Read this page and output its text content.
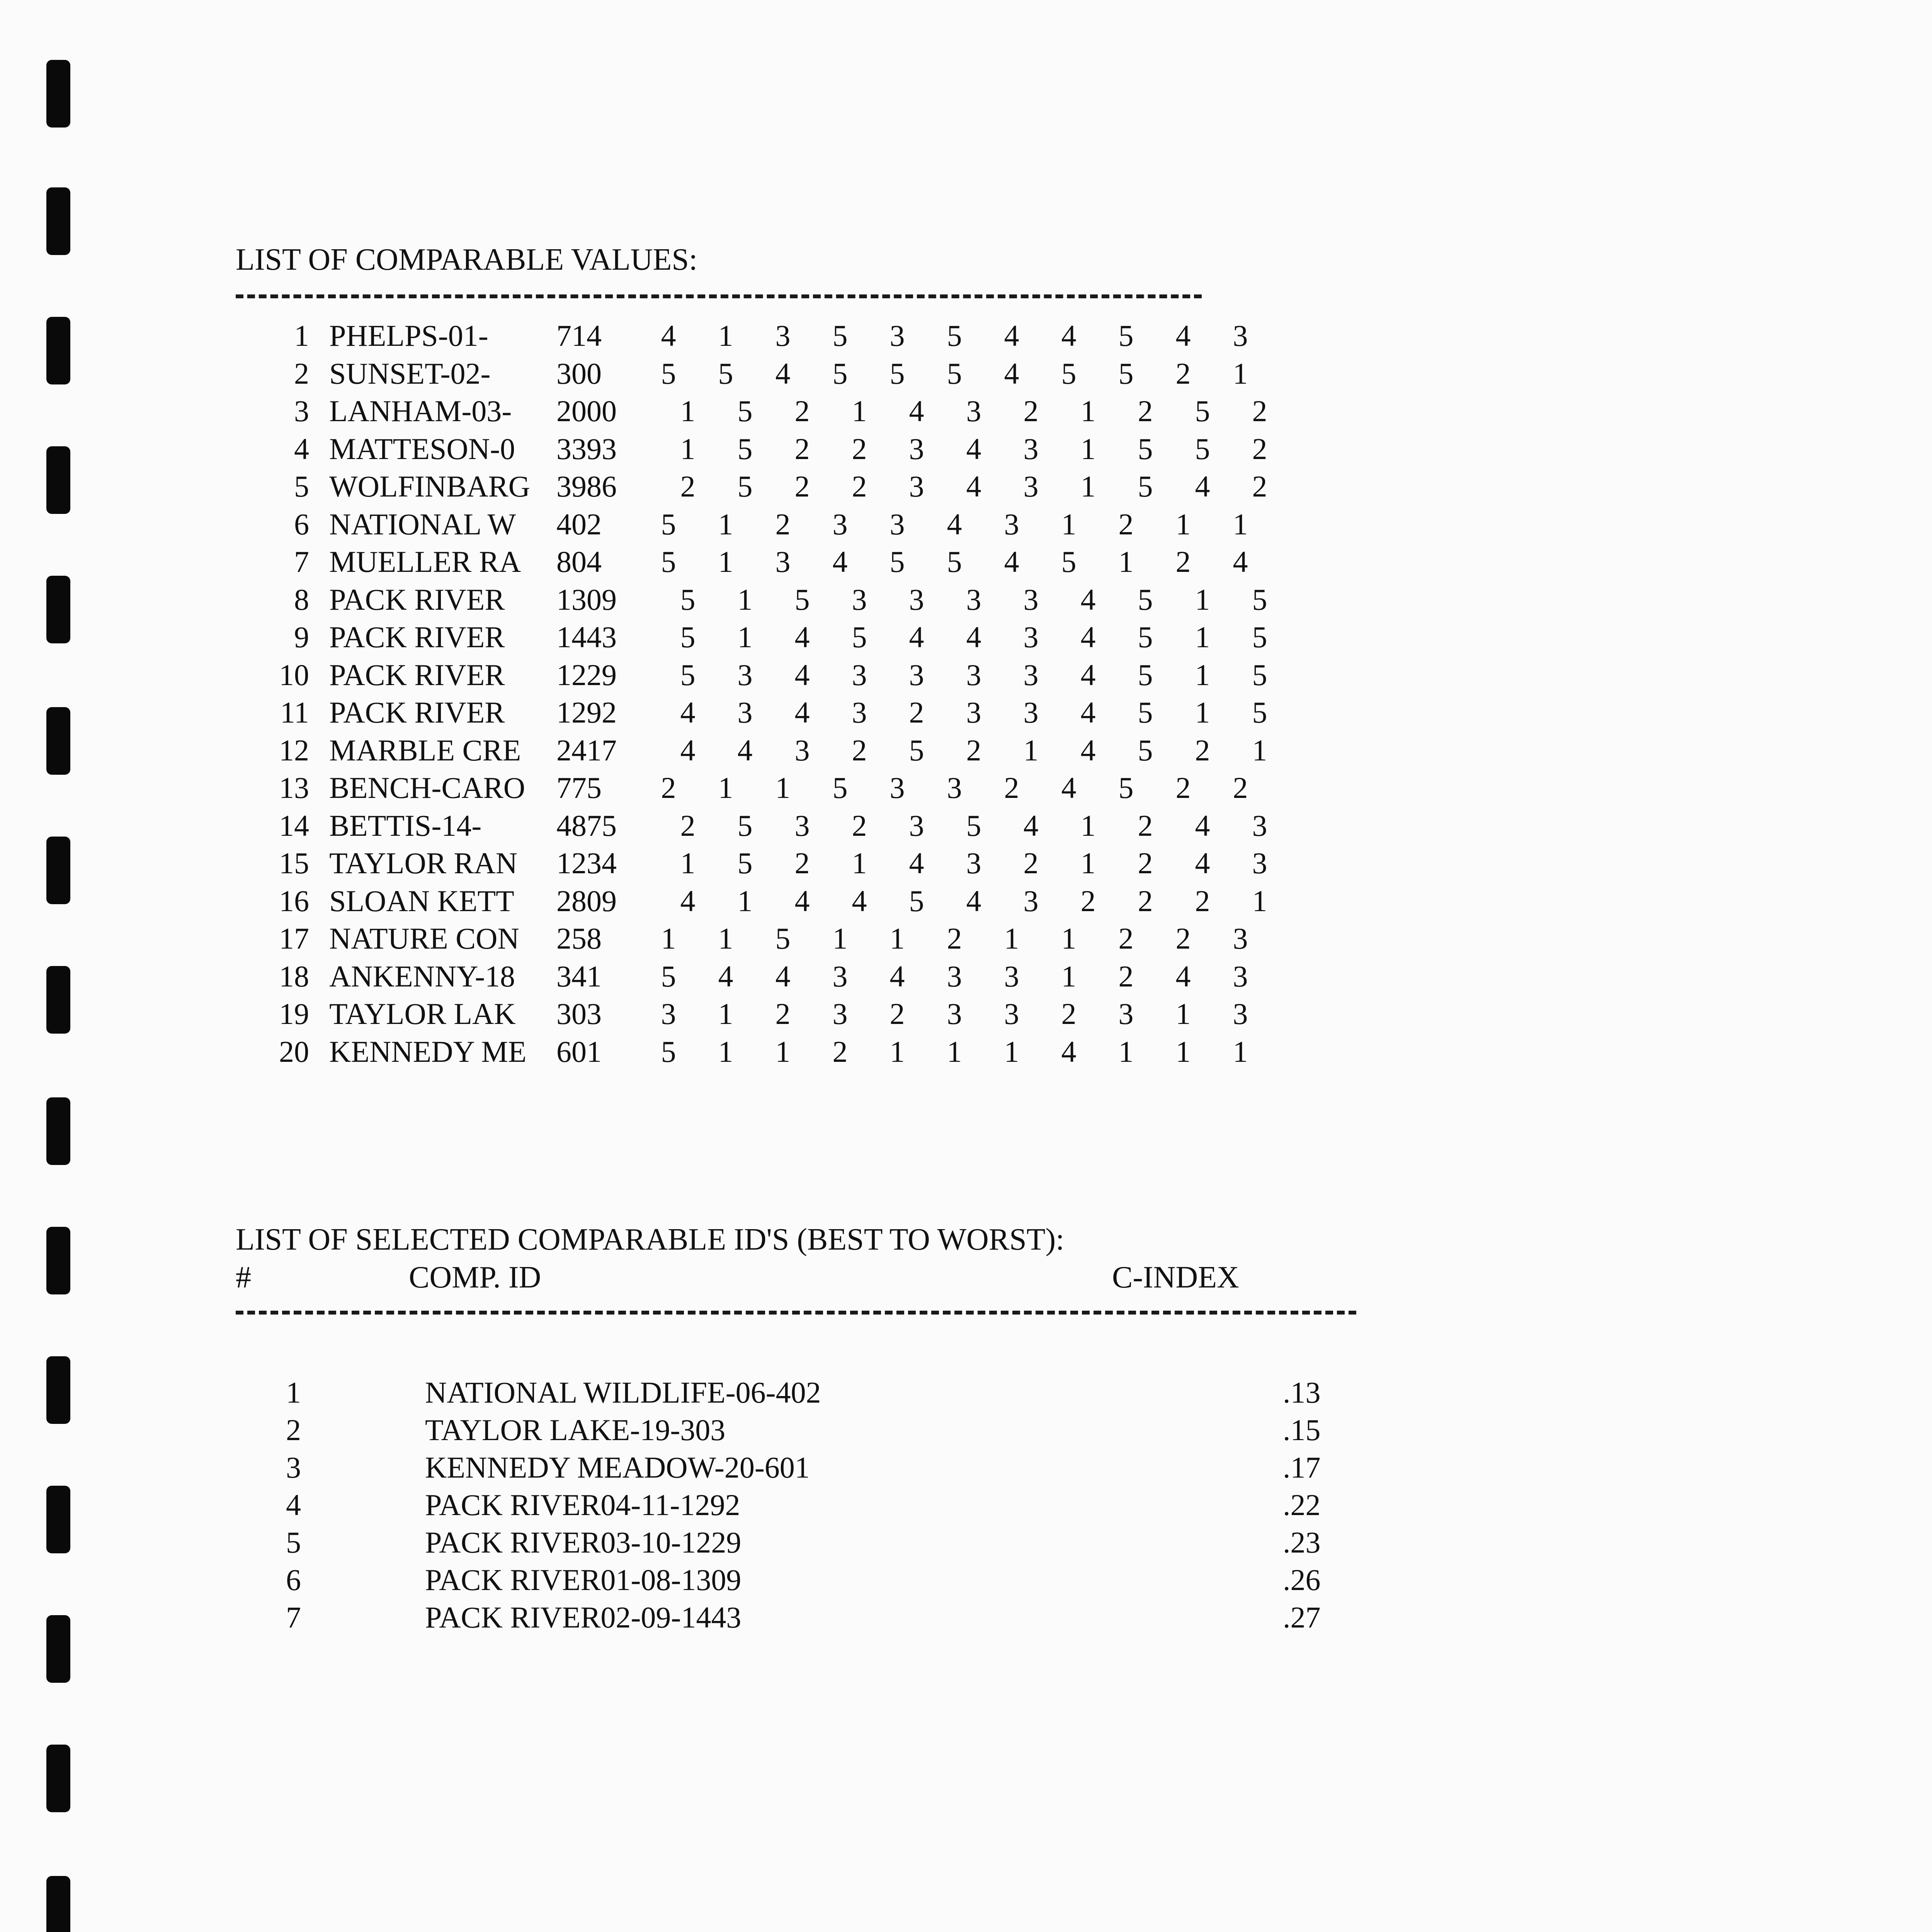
LIST OF COMPARABLE VALUES:
1 PHELPS-01- 714 4 1 3 5 3 5 4 4 5 4 3
2 SUNSET-02- 300 5 5 4 5 5 5 4 5 5 2 1
3 LANHAM-03- 2000 1 5 2 1 4 3 2 1 2 5 2
4 MATTESON-0 3393 1 5 2 2 3 4 3 1 5 5 2
5 WOLFINBARG 3986 2 5 2 2 3 4 3 1 5 4 2
6 NATIONAL W 402 5 1 2 3 3 4 3 1 2 1 1
7 MUELLER RA 804 5 1 3 4 5 5 4 5 1 2 4
8 PACK RIVER 1309 5 1 5 3 3 3 3 4 5 1 5
9 PACK RIVER 1443 5 1 4 5 4 4 3 4 5 1 5
10 PACK RIVER 1229 5 3 4 3 3 3 3 4 5 1 5
11 PACK RIVER 1292 4 3 4 3 2 3 3 4 5 1 5
12 MARBLE CRE 2417 4 4 3 2 5 2 1 4 5 2 1
13 BENCH-CARO 775 2 1 1 5 3 3 2 4 5 2 2
14 BETTIS-14- 4875 2 5 3 2 3 5 4 1 2 4 3
15 TAYLOR RAN 1234 1 5 2 1 4 3 2 1 2 4 3
16 SLOAN KETT 2809 4 1 4 4 5 4 3 2 2 2 1
17 NATURE CON 258 1 1 5 1 1 2 1 1 2 2 3
18 ANKENNY-18 341 5 4 4 3 4 3 3 1 2 4 3
19 TAYLOR LAK 303 3 1 2 3 2 3 3 2 3 1 3
20 KENNEDY ME 601 5 1 1 2 1 1 1 4 1 1 1
LIST OF SELECTED COMPARABLE ID'S (BEST TO WORST):
#	COMP. ID	C-INDEX
1	NATIONAL WILDLIFE-06-402	.13
2	TAYLOR LAKE-19-303	.15
3	KENNEDY MEADOW-20-601	.17
4	PACK RIVER04-11-1292	.22
5	PACK RIVER03-10-1229	.23
6	PACK RIVER01-08-1309	.26
7	PACK RIVER02-09-1443	.27
